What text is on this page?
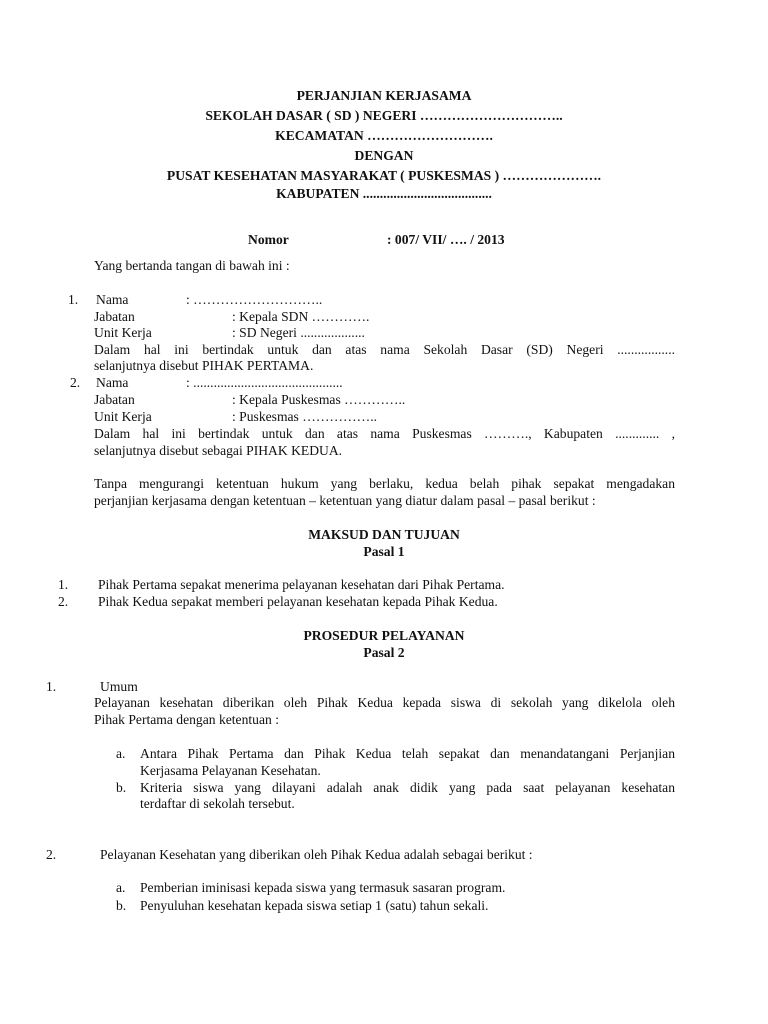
PERJANJIAN KERJASAMA
SEKOLAH DASAR ( SD ) NEGERI …………………………..
KECAMATAN ……………………….
DENGAN
PUSAT KESEHATAN MASYARAKAT ( PUSKESMAS ) ………………….
KABUPATEN ......................................
Nomor	: 007/ VII/ …. / 2013
Yang bertanda tangan di bawah ini :
1. Nama	: ………………………..
Jabatan	: Kepala SDN ………….
Unit Kerja	: SD Negeri ...................
Dalam hal ini bertindak untuk dan atas nama Sekolah Dasar (SD) Negeri .................
selanjutnya disebut PIHAK PERTAMA.
2. Nama	: ............................................
Jabatan	: Kepala Puskesmas …………..
Unit Kerja	: Puskesmas ……………..
Dalam hal ini bertindak untuk dan atas nama Puskesmas ………., Kabupaten ............. ,
selanjutnya disebut sebagai PIHAK KEDUA.
Tanpa mengurangi ketentuan hukum yang berlaku, kedua belah pihak sepakat mengadakan
perjanjian kerjasama dengan ketentuan – ketentuan yang diatur dalam pasal – pasal berikut :
MAKSUD DAN TUJUAN
Pasal 1
1. Pihak Pertama sepakat menerima pelayanan kesehatan dari Pihak Pertama.
2. Pihak Kedua sepakat memberi pelayanan kesehatan kepada Pihak Kedua.
PROSEDUR PELAYANAN
Pasal 2
1.	Umum
Pelayanan kesehatan diberikan oleh Pihak Kedua kepada siswa di sekolah yang dikelola oleh
Pihak Pertama dengan ketentuan :
a. Antara Pihak Pertama dan Pihak Kedua telah sepakat dan menandatangani Perjanjian
Kerjasama Pelayanan Kesehatan.
b. Kriteria siswa yang dilayani adalah anak didik yang pada saat pelayanan kesehatan
terdaftar di sekolah tersebut.
2.	Pelayanan Kesehatan yang diberikan oleh Pihak Kedua adalah sebagai berikut :
a. Pemberian iminisasi kepada siswa yang termasuk sasaran program.
b. Penyuluhan kesehatan kepada siswa setiap 1 (satu) tahun sekali.
